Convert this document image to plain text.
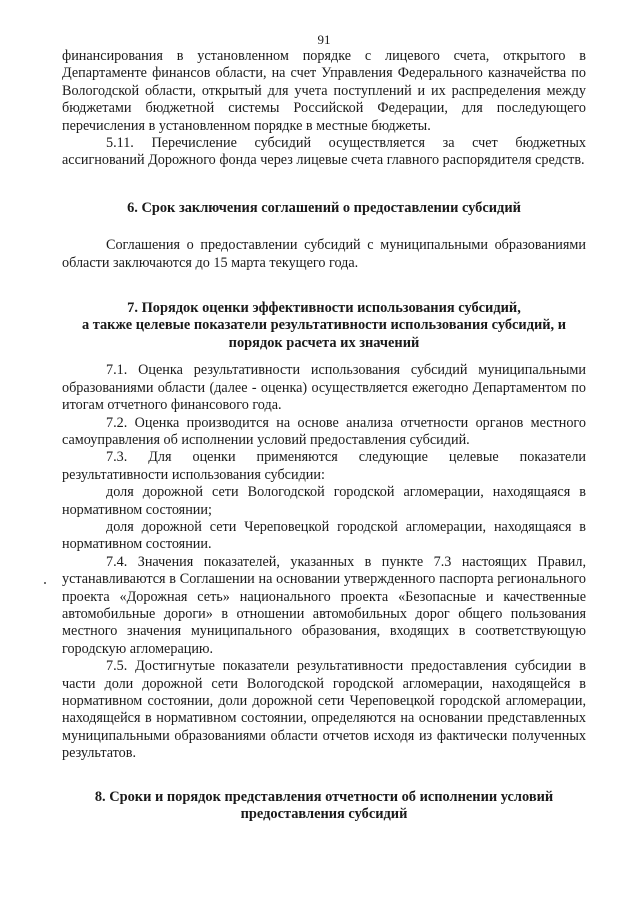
91

финансирования в установленном порядке с лицевого счета, открытого в Департаменте финансов области, на счет Управления Федерального казначейства по Вологодской области, открытый для учета поступлений и их распределения между бюджетами бюджетной системы Российской Федерации, для последующего перечисления в установленном порядке в местные бюджеты.

5.11. Перечисление субсидий осуществляется за счет бюджетных ассигнований Дорожного фонда через лицевые счета главного распорядителя средств.

6. Срок заключения соглашений о предоставлении субсидий

Соглашения о предоставлении субсидий с муниципальными образованиями области заключаются до 15 марта текущего года.

7. Порядок оценки эффективности использования субсидий,
а также целевые показатели результативности использования субсидий, и порядок расчета их значений

7.1. Оценка результативности использования субсидий муниципальными образованиями области (далее - оценка) осуществляется ежегодно Департаментом по итогам отчетного финансового года.

7.2. Оценка производится на основе анализа отчетности органов местного самоуправления об исполнении условий предоставления субсидий.

7.3. Для оценки применяются следующие целевые показатели результативности использования субсидии:

доля дорожной сети Вологодской городской агломерации, находящаяся в нормативном состоянии;

доля дорожной сети Череповецкой городской агломерации, находящаяся в нормативном состоянии.

7.4. Значения показателей, указанных в пункте 7.3 настоящих Правил, устанавливаются в Соглашении на основании утвержденного паспорта регионального проекта «Дорожная сеть» национального проекта «Безопасные и качественные автомобильные дороги» в отношении автомобильных дорог общего пользования местного значения муниципального образования, входящих в соответствующую городскую агломерацию.

7.5. Достигнутые показатели результативности предоставления субсидии в части доли дорожной сети Вологодской городской агломерации, находящейся в нормативном состоянии, доли дорожной сети Череповецкой городской агломерации, находящейся в нормативном состоянии, определяются на основании представленных муниципальными образованиями области отчетов исходя из фактически полученных результатов.

8. Сроки и порядок представления отчетности об исполнении условий предоставления субсидий
